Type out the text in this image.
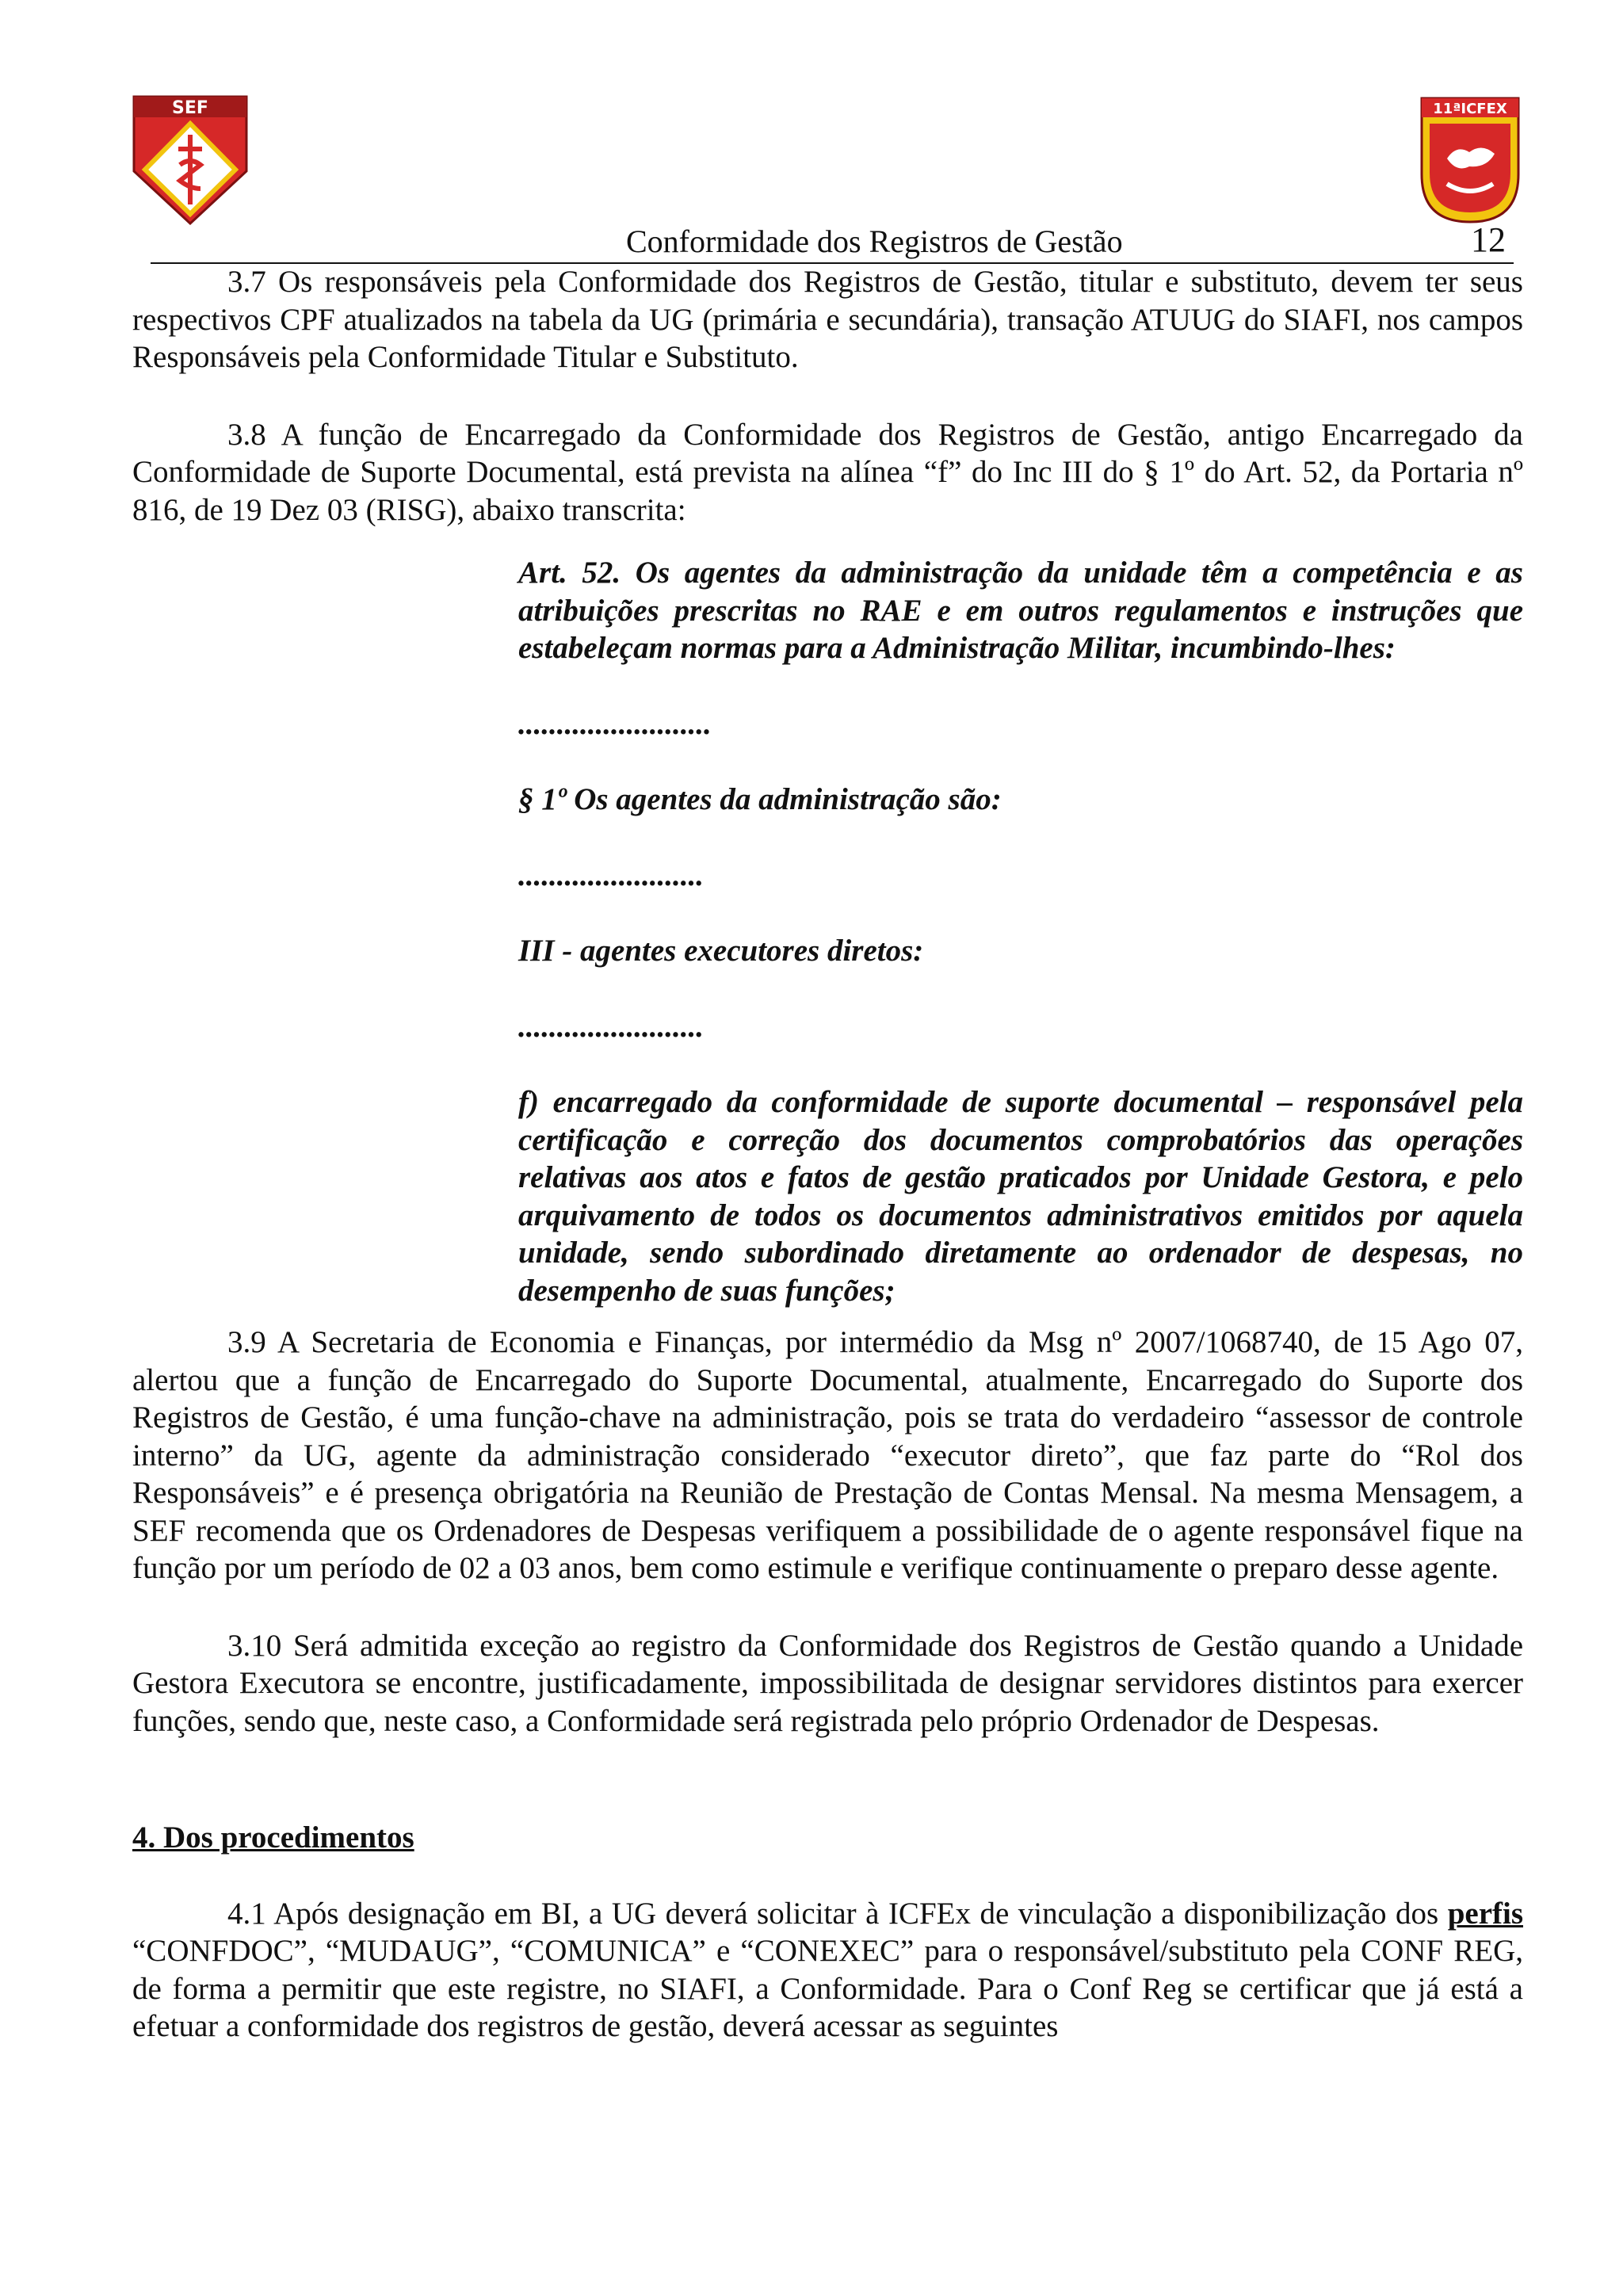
SEF	11ªICFEX
Conformidade dos Registros de Gestão	12

3.7 Os responsáveis pela Conformidade dos Registros de Gestão, titular e substituto, devem ter seus respectivos CPF atualizados na tabela da UG (primária e secundária), transação ATUUG do SIAFI, nos campos Responsáveis pela Conformidade Titular e Substituto.

3.8 A função de Encarregado da Conformidade dos Registros de Gestão, antigo Encarregado da Conformidade de Suporte Documental, está prevista na alínea “f” do Inc III do § 1º do Art. 52, da Portaria nº 816, de 19 Dez 03 (RISG), abaixo transcrita:

Art. 52. Os agentes da administração da unidade têm a competência e as atribuições prescritas no RAE e em outros regulamentos e instruções que estabeleçam normas para a Administração Militar, incumbindo-lhes:

.........................

§ 1º Os agentes da administração são:

........................

III - agentes executores diretos:

........................

f) encarregado da conformidade de suporte documental – responsável pela certificação e correção dos documentos comprobatórios das operações relativas aos atos e fatos de gestão praticados por Unidade Gestora, e pelo arquivamento de todos os documentos administrativos emitidos por aquela unidade, sendo subordinado diretamente ao ordenador de despesas, no desempenho de suas funções;

3.9 A Secretaria de Economia e Finanças, por intermédio da Msg nº 2007/1068740, de 15 Ago 07, alertou que a função de Encarregado do Suporte Documental, atualmente, Encarregado do Suporte dos Registros de Gestão, é uma função-chave na administração, pois se trata do verdadeiro “assessor de controle interno” da UG, agente da administração considerado “executor direto”, que faz parte do “Rol dos Responsáveis” e é presença obrigatória na Reunião de Prestação de Contas Mensal. Na mesma Mensagem, a SEF recomenda que os Ordenadores de Despesas verifiquem a possibilidade de o agente responsável fique na função por um período de 02 a 03 anos, bem como estimule e verifique continuamente o preparo desse agente.

3.10 Será admitida exceção ao registro da Conformidade dos Registros de Gestão quando a Unidade Gestora Executora se encontre, justificadamente, impossibilitada de designar servidores distintos para exercer funções, sendo que, neste caso, a Conformidade será registrada pelo próprio Ordenador de Despesas.

4. Dos procedimentos

4.1 Após designação em BI, a UG deverá solicitar à ICFEx de vinculação a disponibilização dos perfis “CONFDOC”, “MUDAUG”, “COMUNICA” e “CONEXEC” para o responsável/substituto pela CONF REG, de forma a permitir que este registre, no SIAFI, a Conformidade. Para o Conf Reg se certificar que já está a efetuar a conformidade dos registros de gestão, deverá acessar as seguintes
